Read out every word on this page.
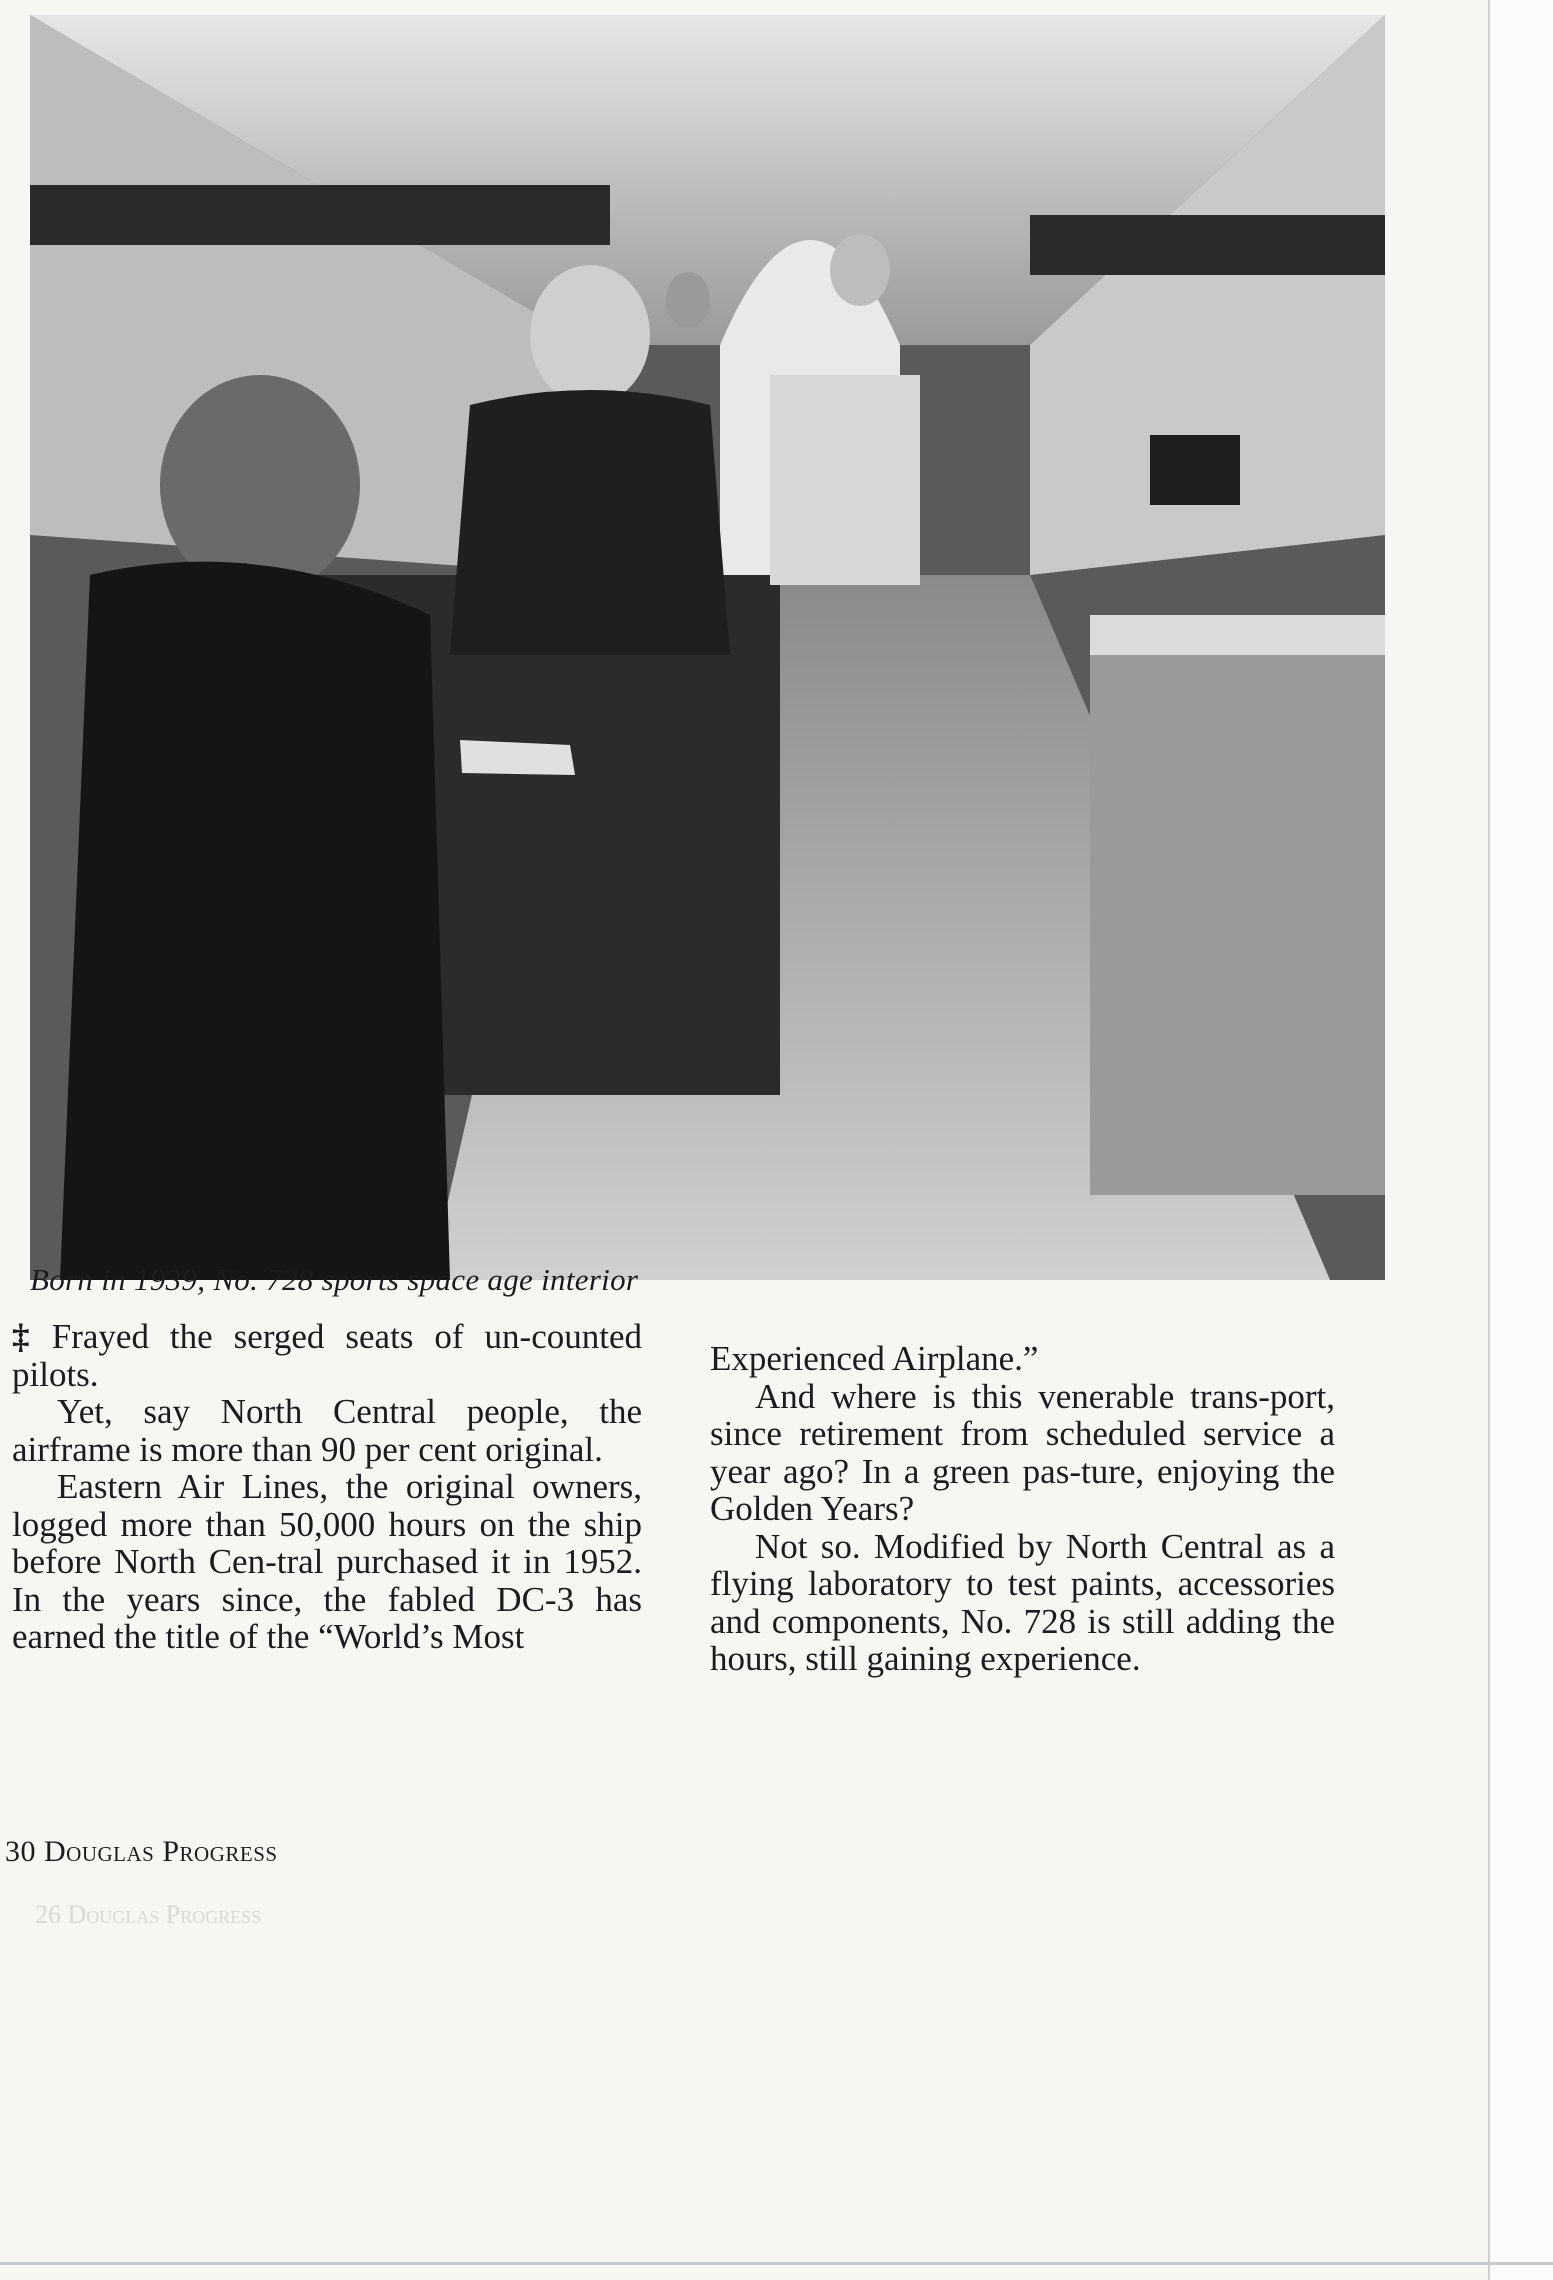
Born in 1939, No. 728 sports space age interior

‡ Frayed the serged seats of un-counted pilots.

Yet, say North Central people, the airframe is more than 90 per cent original.

Eastern Air Lines, the original owners, logged more than 50,000 hours on the ship before North Cen-tral purchased it in 1952. In the years since, the fabled DC-3 has earned the title of the “World’s Most

Experienced Airplane.”

And where is this venerable trans-port, since retirement from scheduled service a year ago? In a green pas-ture, enjoying the Golden Years?

Not so. Modified by North Central as a flying laboratory to test paints, accessories and components, No. 728 is still adding the hours, still gaining experience.

30 Douglas Progress
26 Douglas Progress
